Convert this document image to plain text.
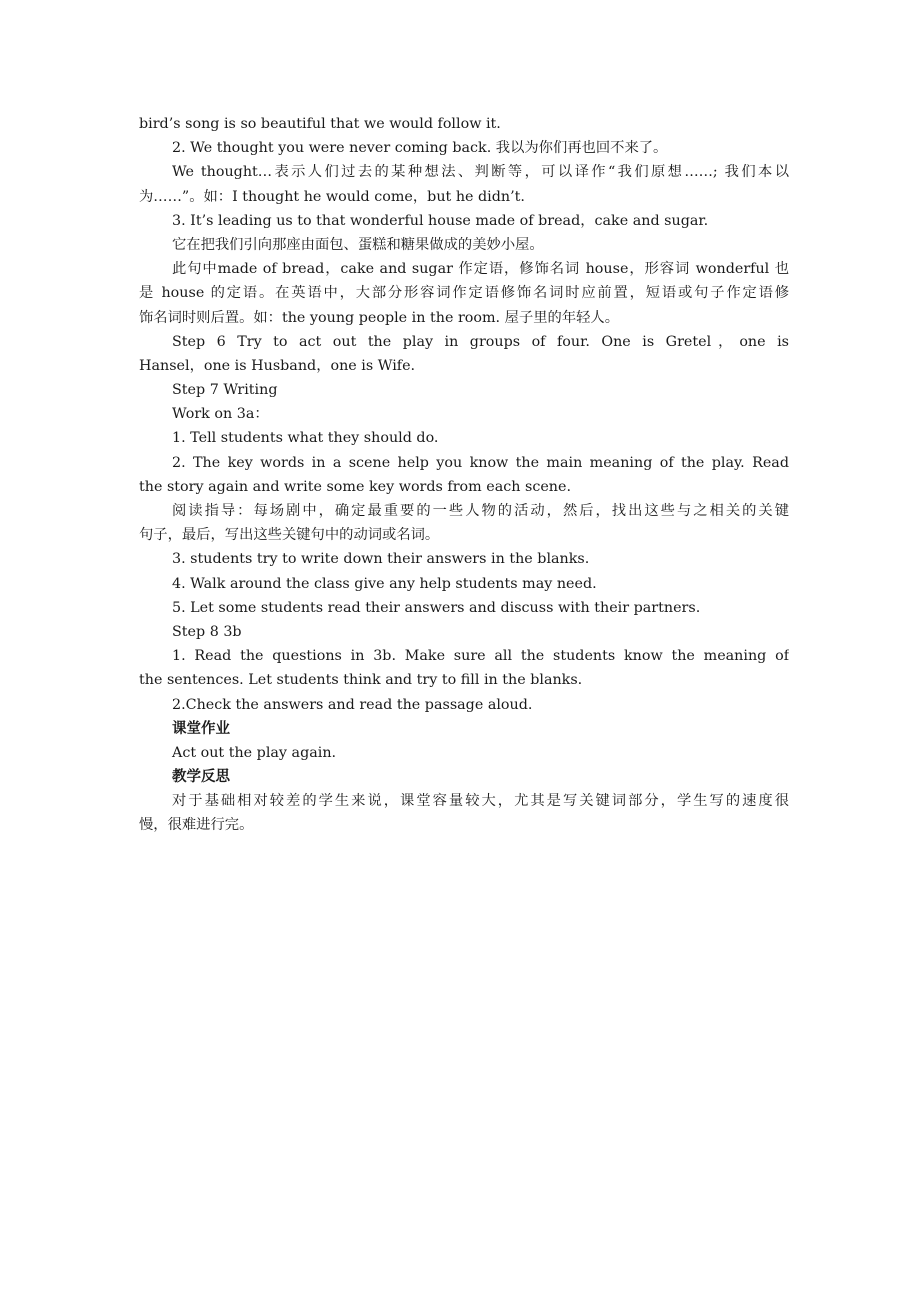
bird’s song is so beautiful that we would follow it.
2. We thought you were never coming back. 我以为你们再也回不来了。
We thought…表示人们过去的某种想法、判断等，可以译作“我们原想……; 我们本以
为……”。如：I thought he would come，but he didn’t.
3. It’s leading us to that wonderful house made of bread，cake and sugar.
它在把我们引向那座由面包、蛋糕和糖果做成的美妙小屋。
此句中made of bread，cake and sugar 作定语，修饰名词 house，形容词 wonderful 也
是 house 的定语。在英语中，大部分形容词作定语修饰名词时应前置，短语或句子作定语修
饰名词时则后置。如：the young people in the room. 屋子里的年轻人。
Step 6 Try to act out the play in groups of four. One is Gretel，one is
Hansel，one is Husband，one is Wife.
Step 7 Writing
Work on 3a：
1. Tell students what they should do.
2. The key words in a scene help you know the main meaning of the play. Read
the story again and write some key words from each scene.
阅读指导：每场剧中，确定最重要的一些人物的活动，然后，找出这些与之相关的关键
句子，最后，写出这些关键句中的动词或名词。
3. students try to write down their answers in the blanks.
4. Walk around the class give any help students may need.
5. Let some students read their answers and discuss with their partners.
Step 8 3b
1. Read the questions in 3b. Make sure all the students know the meaning of
the sentences. Let students think and try to fill in the blanks.
2.Check the answers and read the passage aloud.
课堂作业
Act out the play again.
教学反思
对于基础相对较差的学生来说，课堂容量较大，尤其是写关键词部分，学生写的速度很
慢，很难进行完。
